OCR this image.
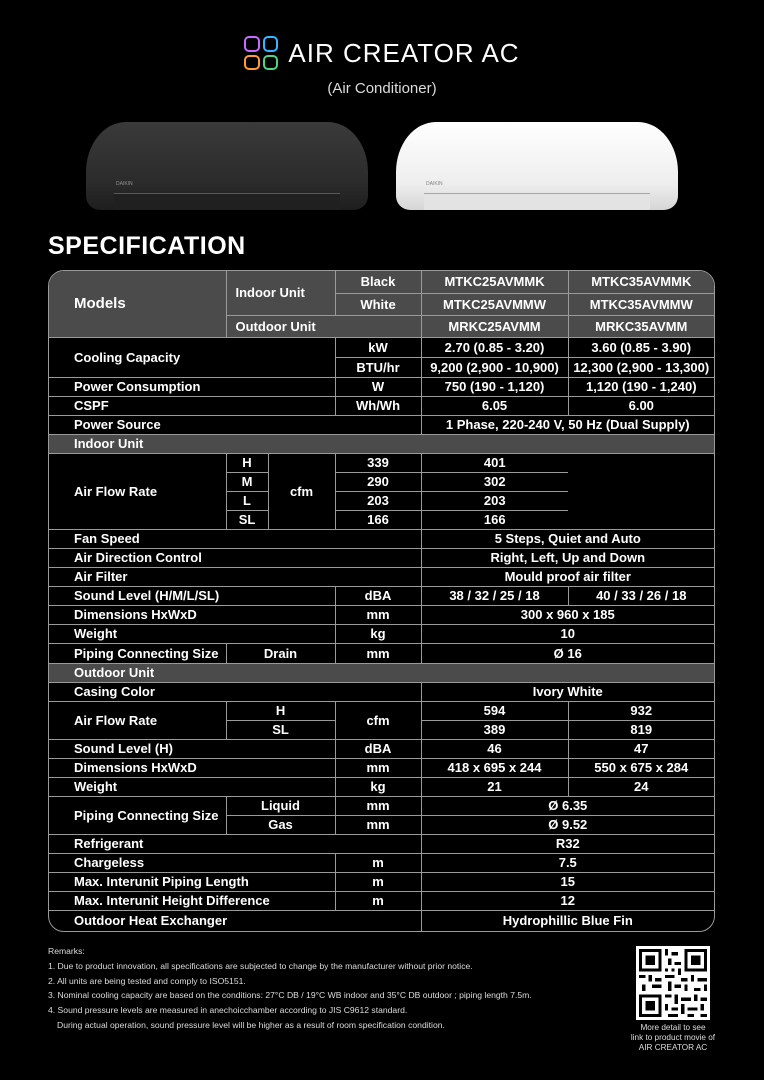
AIR CREATOR AC
(Air Conditioner)
DAIKIN	DAIKIN
SPECIFICATION
Models	Indoor Unit		Black	MTKC25AVMMK	MTKC35AVMMK
			White	MTKC25AVMMW	MTKC35AVMMW
	Outdoor Unit			MRKC25AVMM	MRKC35AVMM
Cooling Capacity			kW	2.70 (0.85 - 3.20)	3.60 (0.85 - 3.90)
			BTU/hr	9,200 (2,900 - 10,900)	12,300 (2,900 - 13,300)
Power Consumption			W	750 (190 - 1,120)	1,120 (190 - 1,240)
CSPF			Wh/Wh	6.05	6.00
Power Source				1 Phase, 220-240 V, 50 Hz (Dual Supply)	
Indoor Unit					
Air Flow Rate	H	cfm	339	401	
	M		290	302	
	L		203	203	
	SL		166	166	
Fan Speed				5 Steps, Quiet and Auto	
Air Direction Control				Right, Left, Up and Down	
Air Filter				Mould proof air filter	
Sound Level (H/M/L/SL)			dBA	38 / 32 / 25 / 18	40 / 33 / 26 / 18
Dimensions HxWxD			mm	300 x 960 x 185	
Weight			kg	10	
Piping Connecting Size	Drain		mm	Ø 16	
Outdoor Unit					
Casing Color				Ivory White	
Air Flow Rate	H		cfm	594	932
	SL			389	819
Sound Level (H)			dBA	46	47
Dimensions HxWxD			mm	418 x 695 x 244	550 x 675 x 284
Weight			kg	21	24
Piping Connecting Size	Liquid		mm	Ø 6.35	
	Gas		mm	Ø 9.52	
Refrigerant				R32	
Chargeless			m	7.5	
Max. Interunit Piping Length			m	15	
Max. Interunit Height Difference			m	12	
Outdoor Heat Exchanger				Hydrophillic Blue Fin	
Remarks:
1. Due to product innovation, all specifications are subjected to change by the manufacturer without prior notice.
2. All units are being tested and comply to ISO5151.
3. Nominal cooling capacity are based on the conditions: 27°C DB / 19°C WB indoor and 35°C DB outdoor ; piping length 7.5m.
4. Sound pressure levels are measured in anechoicchamber according to JIS C9612 standard.
During actual operation, sound pressure level will be higher as a result of room specification condition.	More detail to see
link to product movie of
AIR CREATOR AC
